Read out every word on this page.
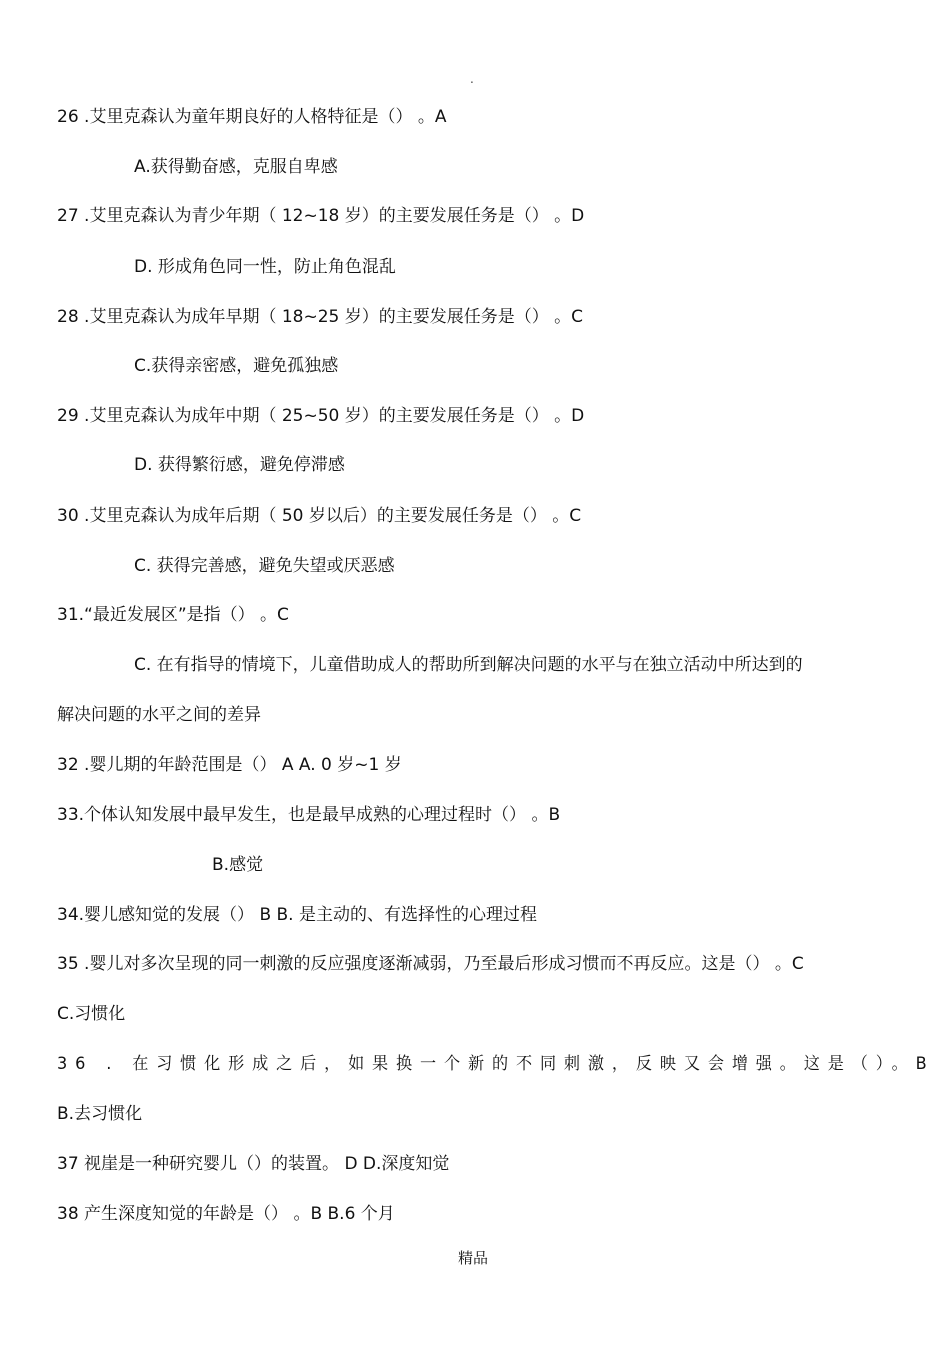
.
26 .艾里克森认为童年期良好的人格特征是（） 。A
A.获得勤奋感，克服自卑感
27 .艾里克森认为青少年期（ 12~18 岁）的主要发展任务是（） 。D
D. 形成角色同一性，防止角色混乱
28 .艾里克森认为成年早期（ 18~25 岁）的主要发展任务是（） 。C
C.获得亲密感，避免孤独感
29 .艾里克森认为成年中期（ 25~50 岁）的主要发展任务是（） 。D
D. 获得繁衍感，避免停滞感
30 .艾里克森认为成年后期（ 50 岁以后）的主要发展任务是（） 。C
C. 获得完善感，避免失望或厌恶感
31.“最近发展区”是指（） 。C
C. 在有指导的情境下，儿童借助成人的帮助所到解决问题的水平与在独立活动中所达到的
解决问题的水平之间的差异
32 .婴儿期的年龄范围是（） A A. 0 岁~1 岁
33.个体认知发展中最早发生，也是最早成熟的心理过程时（） 。B
B.感觉
34.婴儿感知觉的发展（） B B. 是主动的、有选择性的心理过程
35 .婴儿对多次呈现的同一刺激的反应强度逐渐减弱，乃至最后形成习惯而不再反应。这是（） 。C
C.习惯化
36 . 在习惯化形成之后，如果换一个新的不同刺激，反映又会增强。这是（）。B
B.去习惯化
37 视崖是一种研究婴儿（）的装置。 D D.深度知觉
38 产生深度知觉的年龄是（） 。B B.6 个月
精品
